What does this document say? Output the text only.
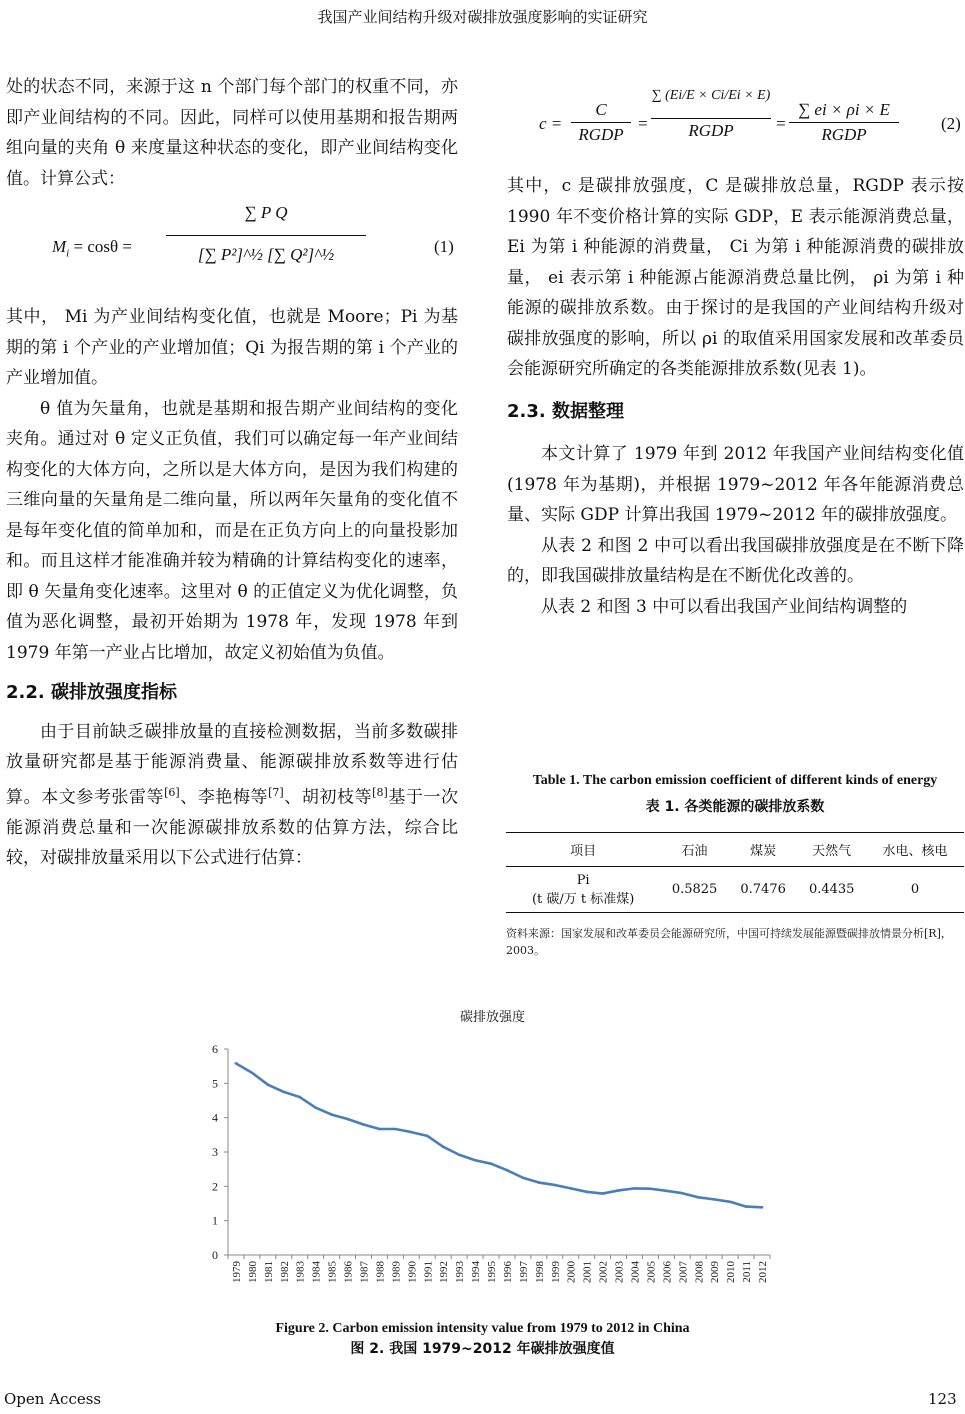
我国产业间结构升级对碳排放强度影响的实证研究

处的状态不同，来源于这 n 个部门每个部门的权重不同，亦即产业间结构的不同。因此，同样可以使用基期和报告期两组向量的夹角 θ 来度量这种状态的变化，即产业间结构变化值。计算公式：

$M_i = \cos\theta$ =
∑ P Q
[∑ P²]^½ [∑ Q²]^½	(1)

其中， Mi 为产业间结构变化值，也就是 Moore；Pi 为基期的第 i 个产业的产业增加值；Qi 为报告期的第 i 个产业的产业增加值。

θ 值为矢量角，也就是基期和报告期产业间结构的变化夹角。通过对 θ 定义正负值，我们可以确定每一年产业间结构变化的大体方向，之所以是大体方向，是因为我们构建的三维向量的矢量角是二维向量，所以两年矢量角的变化值不是每年变化值的简单加和，而是在正负方向上的向量投影加和。而且这样才能准确并较为精确的计算结构变化的速率，即 θ 矢量角变化速率。这里对 θ 的正值定义为优化调整，负值为恶化调整，最初开始期为 1978 年，发现 1978 年到 1979 年第一产业占比增加，故定义初始值为负值。

2.2. 碳排放强度指标

由于目前缺乏碳排放量的直接检测数据，当前多数碳排放量研究都是基于能源消费量、能源碳排放系数等进行估算。本文参考张雷等[6]、李艳梅等[7]、胡初枝等[8]基于一次能源消费总量和一次能源碳排放系数的估算方法，综合比较，对碳排放量采用以下公式进行估算：

c =
C
RGDP
=
∑ (Ei/E × Ci/Ei × E)
RGDP	=
∑ ei × ρi × E
RGDP
(2)

其中，c 是碳排放强度，C 是碳排放总量，RGDP 表示按 1990 年不变价格计算的实际 GDP，E 表示能源消费总量， Ei 为第 i 种能源的消费量， Ci 为第 i 种能源消费的碳排放量， ei 表示第 i 种能源占能源消费总量比例， ρi 为第 i 种能源的碳排放系数。由于探讨的是我国的产业间结构升级对碳排放强度的影响，所以 ρi 的取值采用国家发展和改革委员会能源研究所确定的各类能源排放系数(见表 1)。

2.3. 数据整理

本文计算了 1979 年到 2012 年我国产业间结构变化值(1978 年为基期)，并根据 1979~2012 年各年能源消费总量、实际 GDP 计算出我国 1979~2012 年的碳排放强度。

从表 2 和图 2 中可以看出我国碳排放强度是在不断下降的，即我国碳排放量结构是在不断优化改善的。

从表 2 和图 3 中可以看出我国产业间结构调整的

Table 1. The carbon emission coefficient of different kinds of energy
表 1. 各类能源的碳排放系数
项目	石油	煤炭	天然气	水电、核电

Pi
(t 碳/万 t 标准煤)	0.5825	0.7476	0.4435	0
资料来源：国家发展和改革委员会能源研究所，中国可持续发展能源暨碳排放情景分析[R]，2003。
碳排放强度
0
1
2
3
4
5
6
1979 1980 1981 1982 1983 1984 1985 1986 1987 1988 1989 1990 1991 1992 1993 1994 1995 1996 1997 1998 1999 2000 2001 2002 2003 2004 2005 2006 2007 2008 2009 2010 2011 2012
Figure 2. Carbon emission intensity value from 1979 to 2012 in China
图 2. 我国 1979~2012 年碳排放强度值
Open Access	123
